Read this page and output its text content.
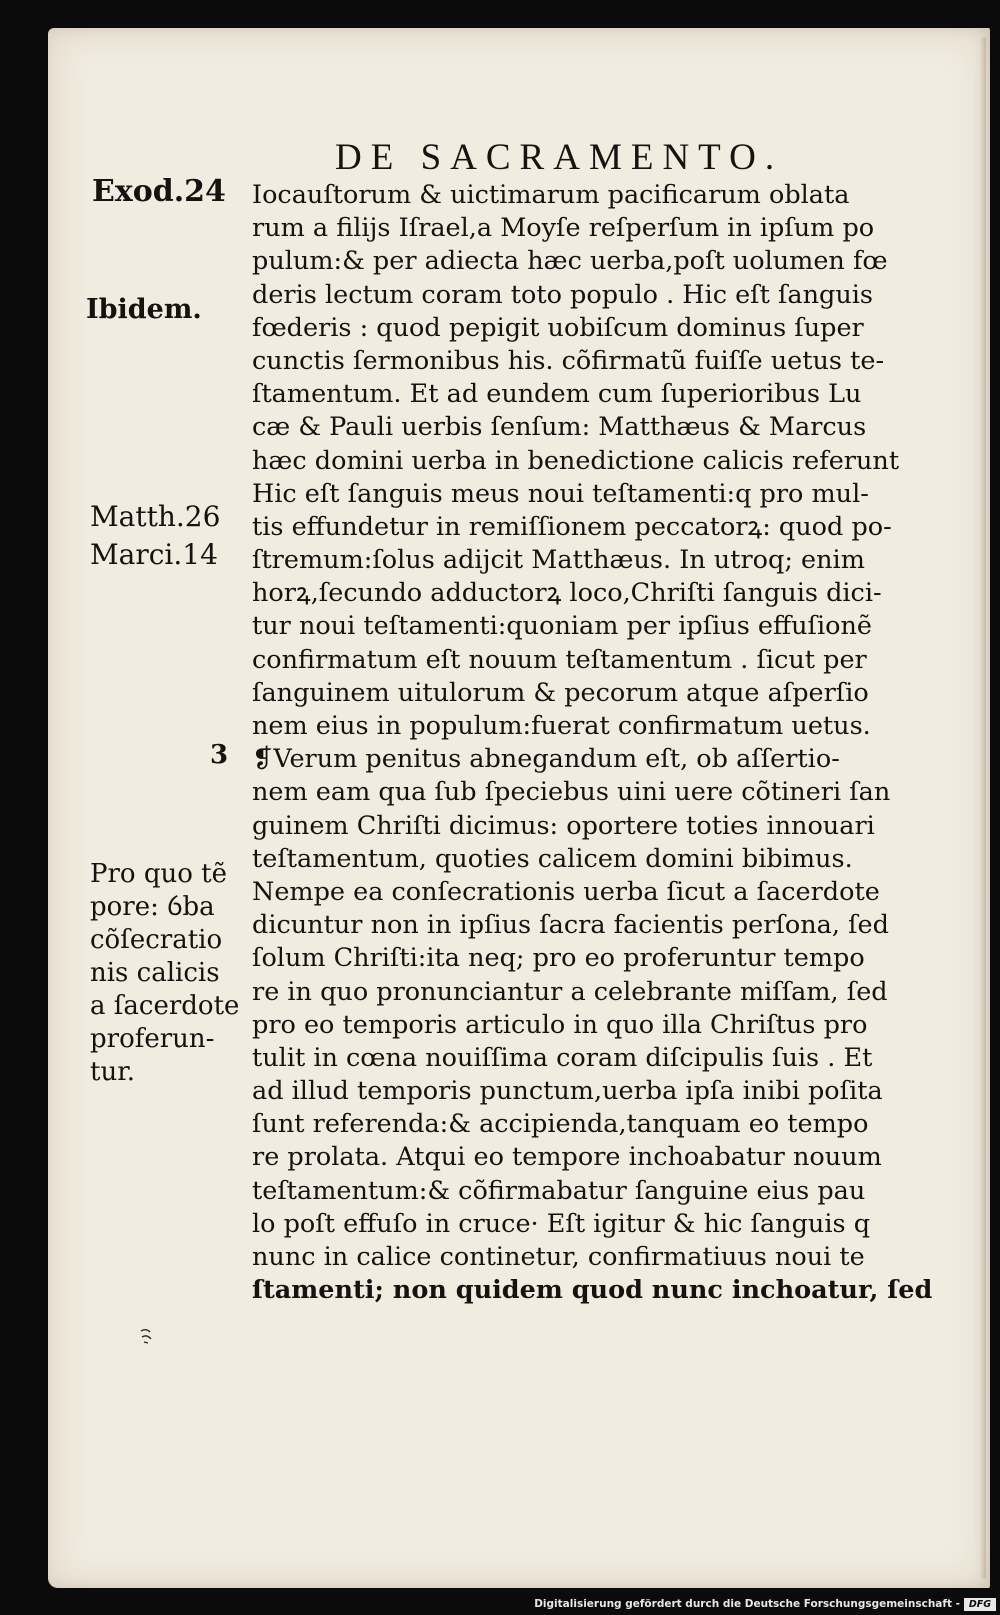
DE SACRAMENTO.
Exod.24
Ibidem.
Matth.26
Marci.14
3
Pro quo tẽ
pore: ỽba
cõſecratio
nis calicis
a ſacerdote
proferun-
tur.
Iocauſtorum & uictimarum pacificarum oblata
rum a filijs Iſrael,a Moyſe reſperſum in ipſum po
pulum:& per adiecta hæc uerba,poſt uolumen fœ
deris lectum coram toto populo . Hic eſt ſanguis
fœderis : quod pepigit uobiſcum dominus ſuper
cunctis ſermonibus his. cõfirmatũ fuiſſe uetus te-
ſtamentum. Et ad eundem cum ſuperioribus Lu
cæ & Pauli uerbis ſenſum: Matthæus & Marcus
hæc domini uerba in benedictione calicis referunt
Hic eſt ſanguis meus noui teſtamenti:q pro mul-
tis effundetur in remiſſionem peccatorꝝ: quod po-
ſtremum:ſolus adijcit Matthæus. In utroq; enim
horꝝ,ſecundo adductorꝝ loco,Chriſti ſanguis dici-
tur noui teſtamenti:quoniam per ipſius effuſionẽ
confirmatum eſt nouum teſtamentum . ſicut per
ſanguinem uitulorum & pecorum atque aſperſio
nem eius in populum:fuerat confirmatum uetus.
❡Verum penitus abnegandum eſt, ob aſſertio-
nem eam qua ſub ſpeciebus uini uere cõtineri ſan
guinem Chriſti dicimus: oportere toties innouari
teſtamentum, quoties calicem domini bibimus.
Nempe ea conſecrationis uerba ſicut a ſacerdote
dicuntur non in ipſius ſacra facientis perſona, ſed
ſolum Chriſti:ita neq; pro eo proferuntur tempo
re in quo pronunciantur a celebrante miſſam, ſed
pro eo temporis articulo in quo illa Chriſtus pro
tulit in cœna nouiſſima coram diſcipulis ſuis . Et
ad illud temporis punctum,uerba ipſa inibi poſita
ſunt referenda:& accipienda,tanquam eo tempo
re prolata. Atqui eo tempore inchoabatur nouum
teſtamentum:& cõfirmabatur ſanguine eius pau
lo poſt effuſo in cruce· Eſt igitur & hic ſanguis q
nunc in calice continetur, confirmatiuus noui te
ſtamenti; non quidem quod nunc inchoatur, ſed
Digitalisierung gefördert durch die Deutsche Forschungsgemeinschaft - DFG
